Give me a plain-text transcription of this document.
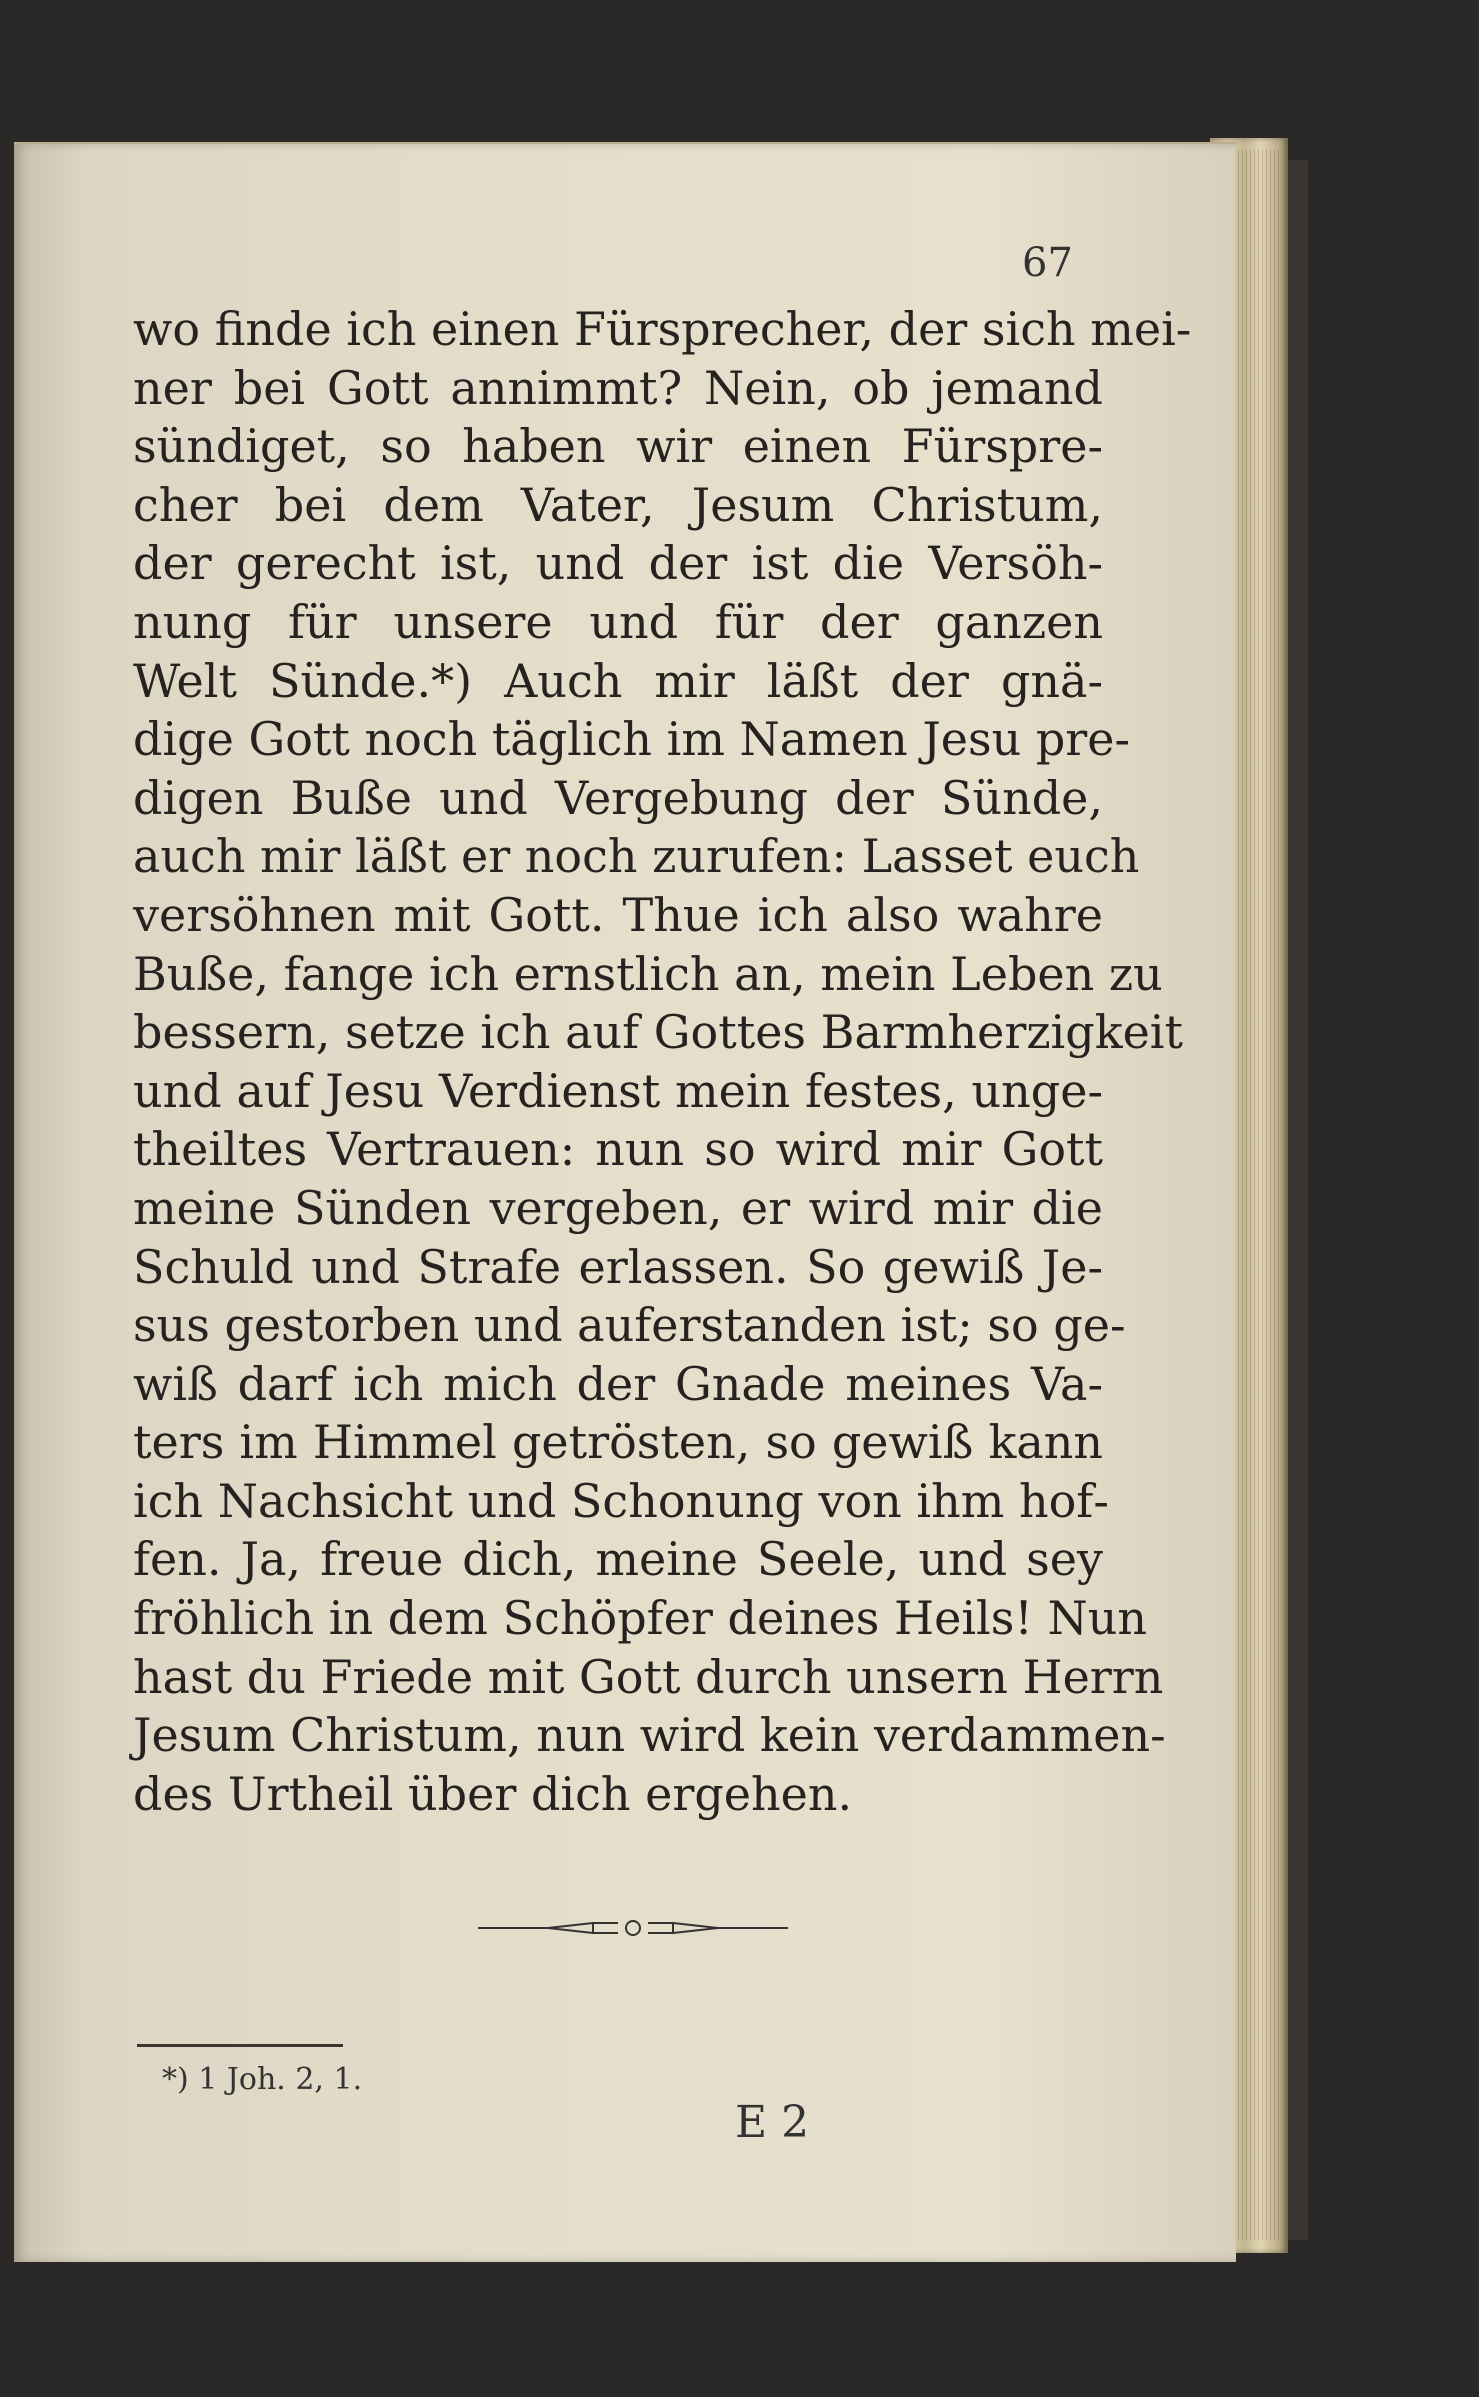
67
wo finde ich einen Fürsprecher, der sich mei‑
ner bei Gott annimmt? Nein, ob jemand
sündiget, so haben wir einen Fürspre‑
cher bei dem Vater, Jesum Christum,
der gerecht ist, und der ist die Versöh‑
nung für unsere und für der ganzen
Welt Sünde.*) Auch mir läßt der gnä‑
dige Gott noch täglich im Namen Jesu pre‑
digen Buße und Vergebung der Sünde,
auch mir läßt er noch zurufen: Lasset euch
versöhnen mit Gott. Thue ich also wahre
Buße, fange ich ernstlich an, mein Leben zu
bessern, setze ich auf Gottes Barmherzigkeit
und auf Jesu Verdienst mein festes, unge‑
theiltes Vertrauen: nun so wird mir Gott
meine Sünden vergeben, er wird mir die
Schuld und Strafe erlassen. So gewiß Je‑
sus gestorben und auferstanden ist; so ge‑
wiß darf ich mich der Gnade meines Va‑
ters im Himmel getrösten, so gewiß kann
ich Nachsicht und Schonung von ihm hof‑
fen. Ja, freue dich, meine Seele, und sey
fröhlich in dem Schöpfer deines Heils! Nun
hast du Friede mit Gott durch unsern Herrn
Jesum Christum, nun wird kein verdammen‑
des Urtheil über dich ergehen.
*) 1 Joh. 2, 1.
E 2
